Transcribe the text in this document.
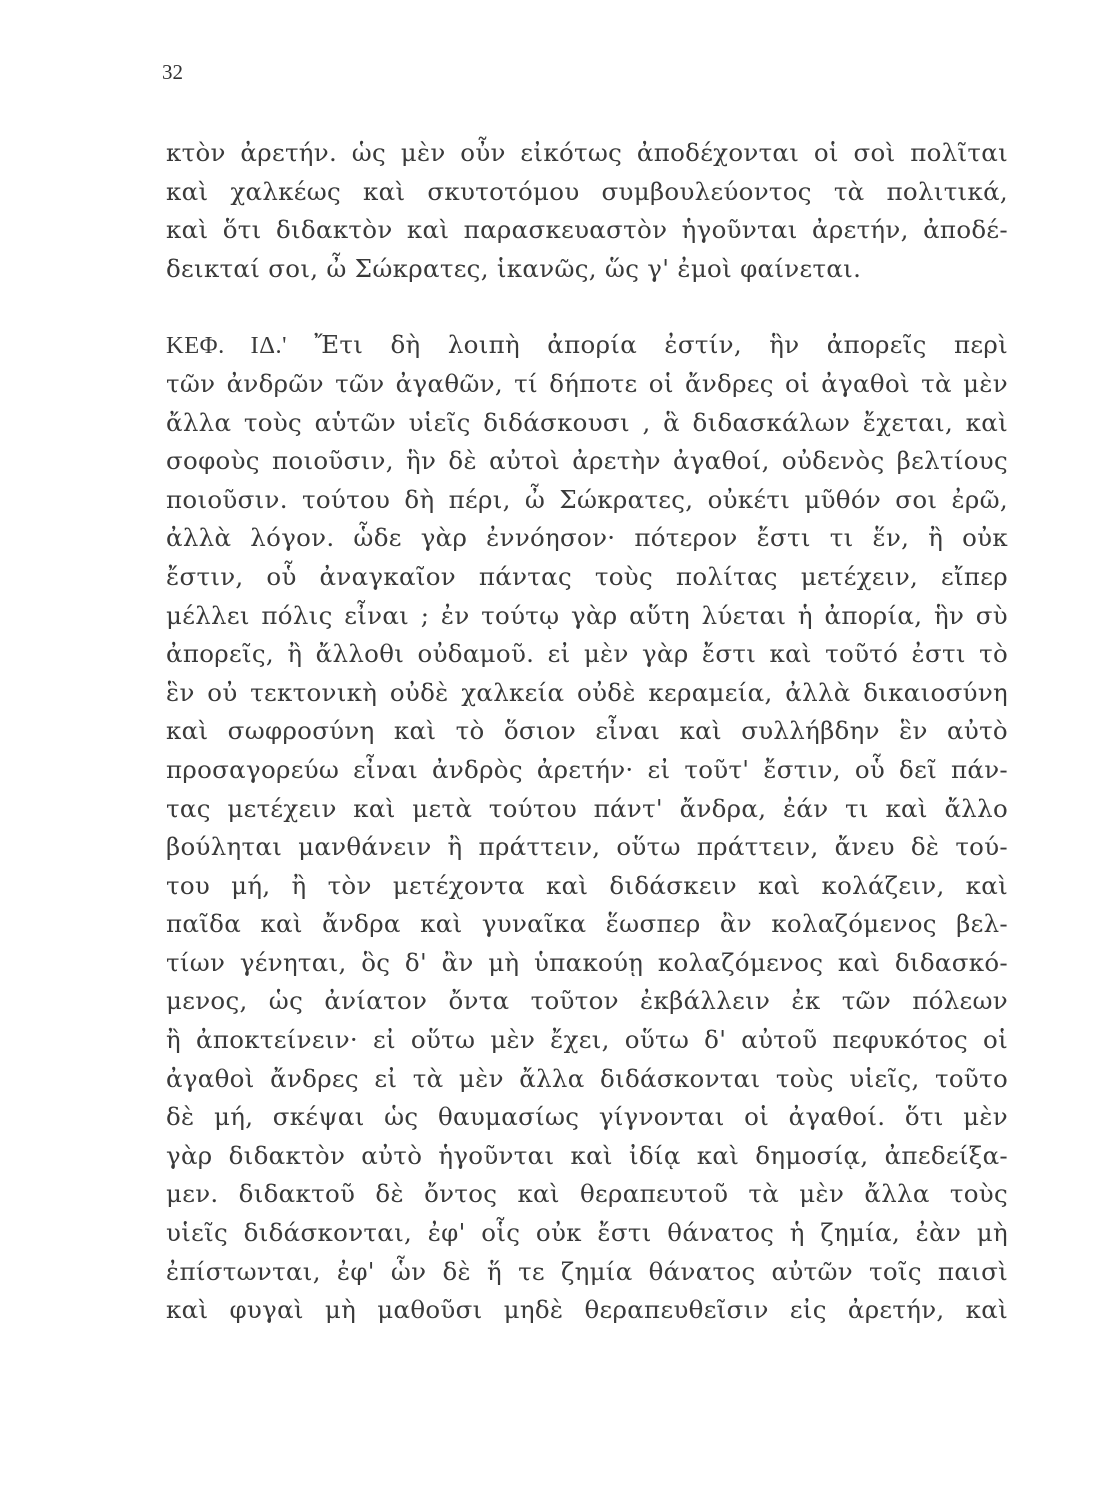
32
κτὸν ἀρετήν. ὡς μὲν οὖν εἰκότως ἀποδέχονται οἱ σοὶ πολῖται
καὶ χαλκέως καὶ σκυτοτόμου συμβουλεύοντος τὰ πολιτικά,
καὶ ὅτι διδακτὸν καὶ παρασκευαστὸν ἡγοῦνται ἀρετήν, ἀποδέ-
δεικταί σοι, ὦ Σώκρατες, ἱκανῶς, ὥς γ' ἐμοὶ φαίνεται.
ΚΕΦ. ΙΔ.' Ἔτι δὴ λοιπὴ ἀπορία ἐστίν, ἣν ἀπορεῖς περὶ
τῶν ἀνδρῶν τῶν ἀγαθῶν, τί δήποτε οἱ ἄνδρες οἱ ἀγαθοὶ τὰ μὲν
ἄλλα τοὺς αὑτῶν υἱεῖς διδάσκουσι , ἃ διδασκάλων ἔχεται, καὶ
σοφοὺς ποιοῦσιν, ἣν δὲ αὐτοὶ ἀρετὴν ἀγαθοί, οὐδενὸς βελτίους
ποιοῦσιν. τούτου δὴ πέρι, ὦ Σώκρατες, οὐκέτι μῦθόν σοι ἐρῶ,
ἀλλὰ λόγον. ὧδε γὰρ ἐννόησον· πότερον ἔστι τι ἕν, ἢ οὐκ
ἔστιν, οὗ ἀναγκαῖον πάντας τοὺς πολίτας μετέχειν, εἴπερ
μέλλει πόλις εἶναι ; ἐν τούτῳ γὰρ αὕτη λύεται ἡ ἀπορία, ἣν σὺ
ἀπορεῖς, ἢ ἄλλοθι οὐδαμοῦ. εἰ μὲν γὰρ ἔστι καὶ τοῦτό ἐστι τὸ
ἓν οὐ τεκτονικὴ οὐδὲ χαλκεία οὐδὲ κεραμεία, ἀλλὰ δικαιοσύνη
καὶ σωφροσύνη καὶ τὸ ὅσιον εἶναι καὶ συλλήβδην ἓν αὐτὸ
προσαγορεύω εἶναι ἀνδρὸς ἀρετήν· εἰ τοῦτ' ἔστιν, οὗ δεῖ πάν-
τας μετέχειν καὶ μετὰ τούτου πάντ' ἄνδρα, ἐάν τι καὶ ἄλλο
βούληται μανθάνειν ἢ πράττειν, οὕτω πράττειν, ἄνευ δὲ τού-
του μή, ἢ τὸν μετέχοντα καὶ διδάσκειν καὶ κολάζειν, καὶ
παῖδα καὶ ἄνδρα καὶ γυναῖκα ἕωσπερ ἂν κολαζόμενος βελ-
τίων γένηται, ὃς δ' ἂν μὴ ὑπακούῃ κολαζόμενος καὶ διδασκό-
μενος, ὡς ἀνίατον ὄντα τοῦτον ἐκβάλλειν ἐκ τῶν πόλεων
ἢ ἀποκτείνειν· εἰ οὕτω μὲν ἔχει, οὕτω δ' αὐτοῦ πεφυκότος οἱ
ἀγαθοὶ ἄνδρες εἰ τὰ μὲν ἄλλα διδάσκονται τοὺς υἱεῖς, τοῦτο
δὲ μή, σκέψαι ὡς θαυμασίως γίγνονται οἱ ἀγαθοί. ὅτι μὲν
γὰρ διδακτὸν αὐτὸ ἡγοῦνται καὶ ἰδίᾳ καὶ δημοσίᾳ, ἀπεδείξα-
μεν. διδακτοῦ δὲ ὄντος καὶ θεραπευτοῦ τὰ μὲν ἄλλα τοὺς
υἱεῖς διδάσκονται, ἐφ' οἷς οὐκ ἔστι θάνατος ἡ ζημία, ἐὰν μὴ
ἐπίστωνται, ἐφ' ὧν δὲ ἥ τε ζημία θάνατος αὐτῶν τοῖς παισὶ
καὶ φυγαὶ μὴ μαθοῦσι μηδὲ θεραπευθεῖσιν εἰς ἀρετήν, καὶ
